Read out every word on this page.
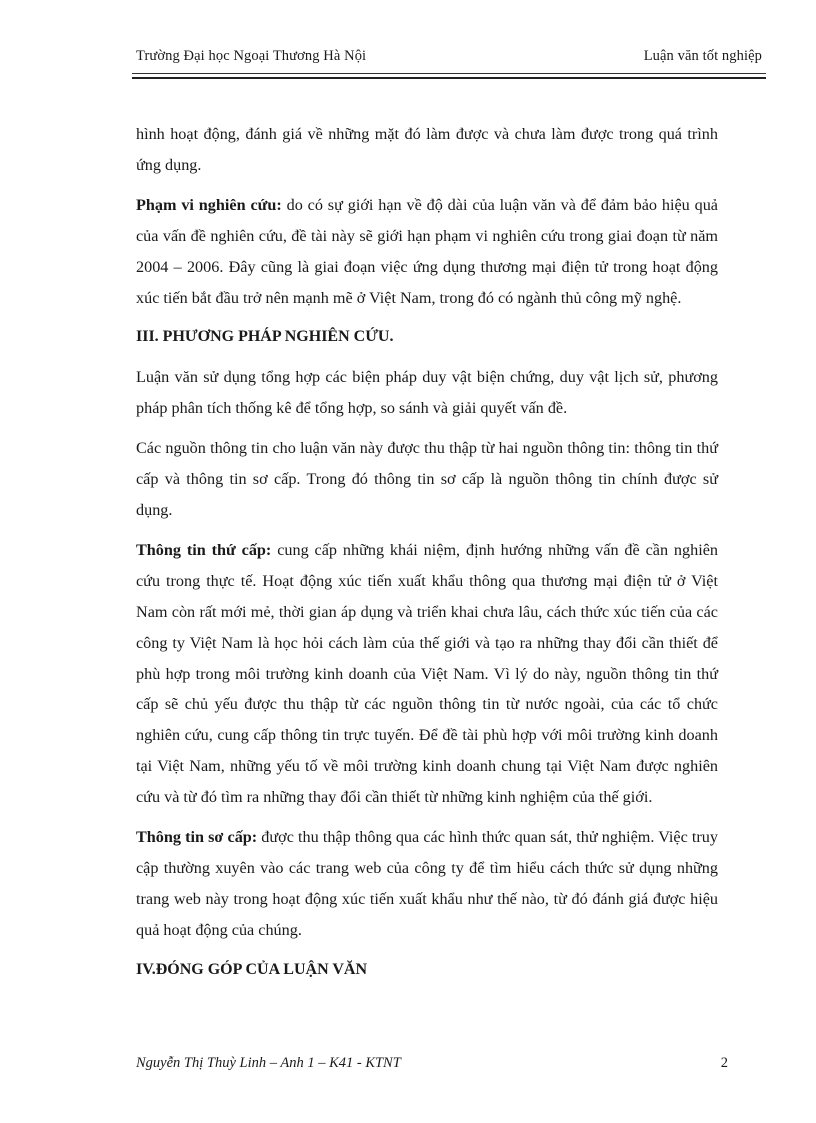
Trường Đại học Ngoại Thương Hà Nội	Luận văn tốt nghiệp

hình hoạt động, đánh giá về những mặt đó làm được và chưa làm được trong quá trình ứng dụng.

Phạm vi nghiên cứu: do có sự giới hạn về độ dài của luận văn và để đảm bảo hiệu quả của vấn đề nghiên cứu, đề tài này sẽ giới hạn phạm vi nghiên cứu trong giai đoạn từ năm 2004 – 2006. Đây cũng là giai đoạn việc ứng dụng thương mại điện tử trong hoạt động xúc tiến bắt đầu trở nên mạnh mẽ ở Việt Nam, trong đó có ngành thủ công mỹ nghệ.

III. PHƯƠNG PHÁP NGHIÊN CỨU.

Luận văn sử dụng tổng hợp các biện pháp duy vật biện chứng, duy vật lịch sử, phương pháp phân tích thống kê để tổng hợp, so sánh và giải quyết vấn đề.

Các nguồn thông tin cho luận văn này được thu thập từ hai nguồn thông tin: thông tin thứ cấp và thông tin sơ cấp. Trong đó thông tin sơ cấp là nguồn thông tin chính được sử dụng.

Thông tin thứ cấp: cung cấp những khái niệm, định hướng những vấn đề cần nghiên cứu trong thực tế. Hoạt động xúc tiến xuất khẩu thông qua thương mại điện tử ở Việt Nam còn rất mới mẻ, thời gian áp dụng và triển khai chưa lâu, cách thức xúc tiến của các công ty Việt Nam là học hỏi cách làm của thế giới và tạo ra những thay đổi cần thiết để phù hợp trong môi trường kinh doanh của Việt Nam. Vì lý do này, nguồn thông tin thứ cấp sẽ chủ yếu được thu thập từ các nguồn thông tin từ nước ngoài, của các tổ chức nghiên cứu, cung cấp thông tin trực tuyến. Để đề tài phù hợp với môi trường kinh doanh tại Việt Nam, những yếu tố về môi trường kinh doanh chung tại Việt Nam được nghiên cứu và từ đó tìm ra những thay đổi cần thiết từ những kinh nghiệm của thế giới.

Thông tin sơ cấp: được thu thập thông qua các hình thức quan sát, thử nghiệm. Việc truy cập thường xuyên vào các trang web của công ty để tìm hiểu cách thức sử dụng những trang web này trong hoạt động xúc tiến xuất khẩu như thế nào, từ đó đánh giá được hiệu quả hoạt động của chúng.

IV.ĐÓNG GÓP CỦA LUẬN VĂN
Nguyễn Thị Thuỳ Linh – Anh 1 – K41 - KTNT	2
